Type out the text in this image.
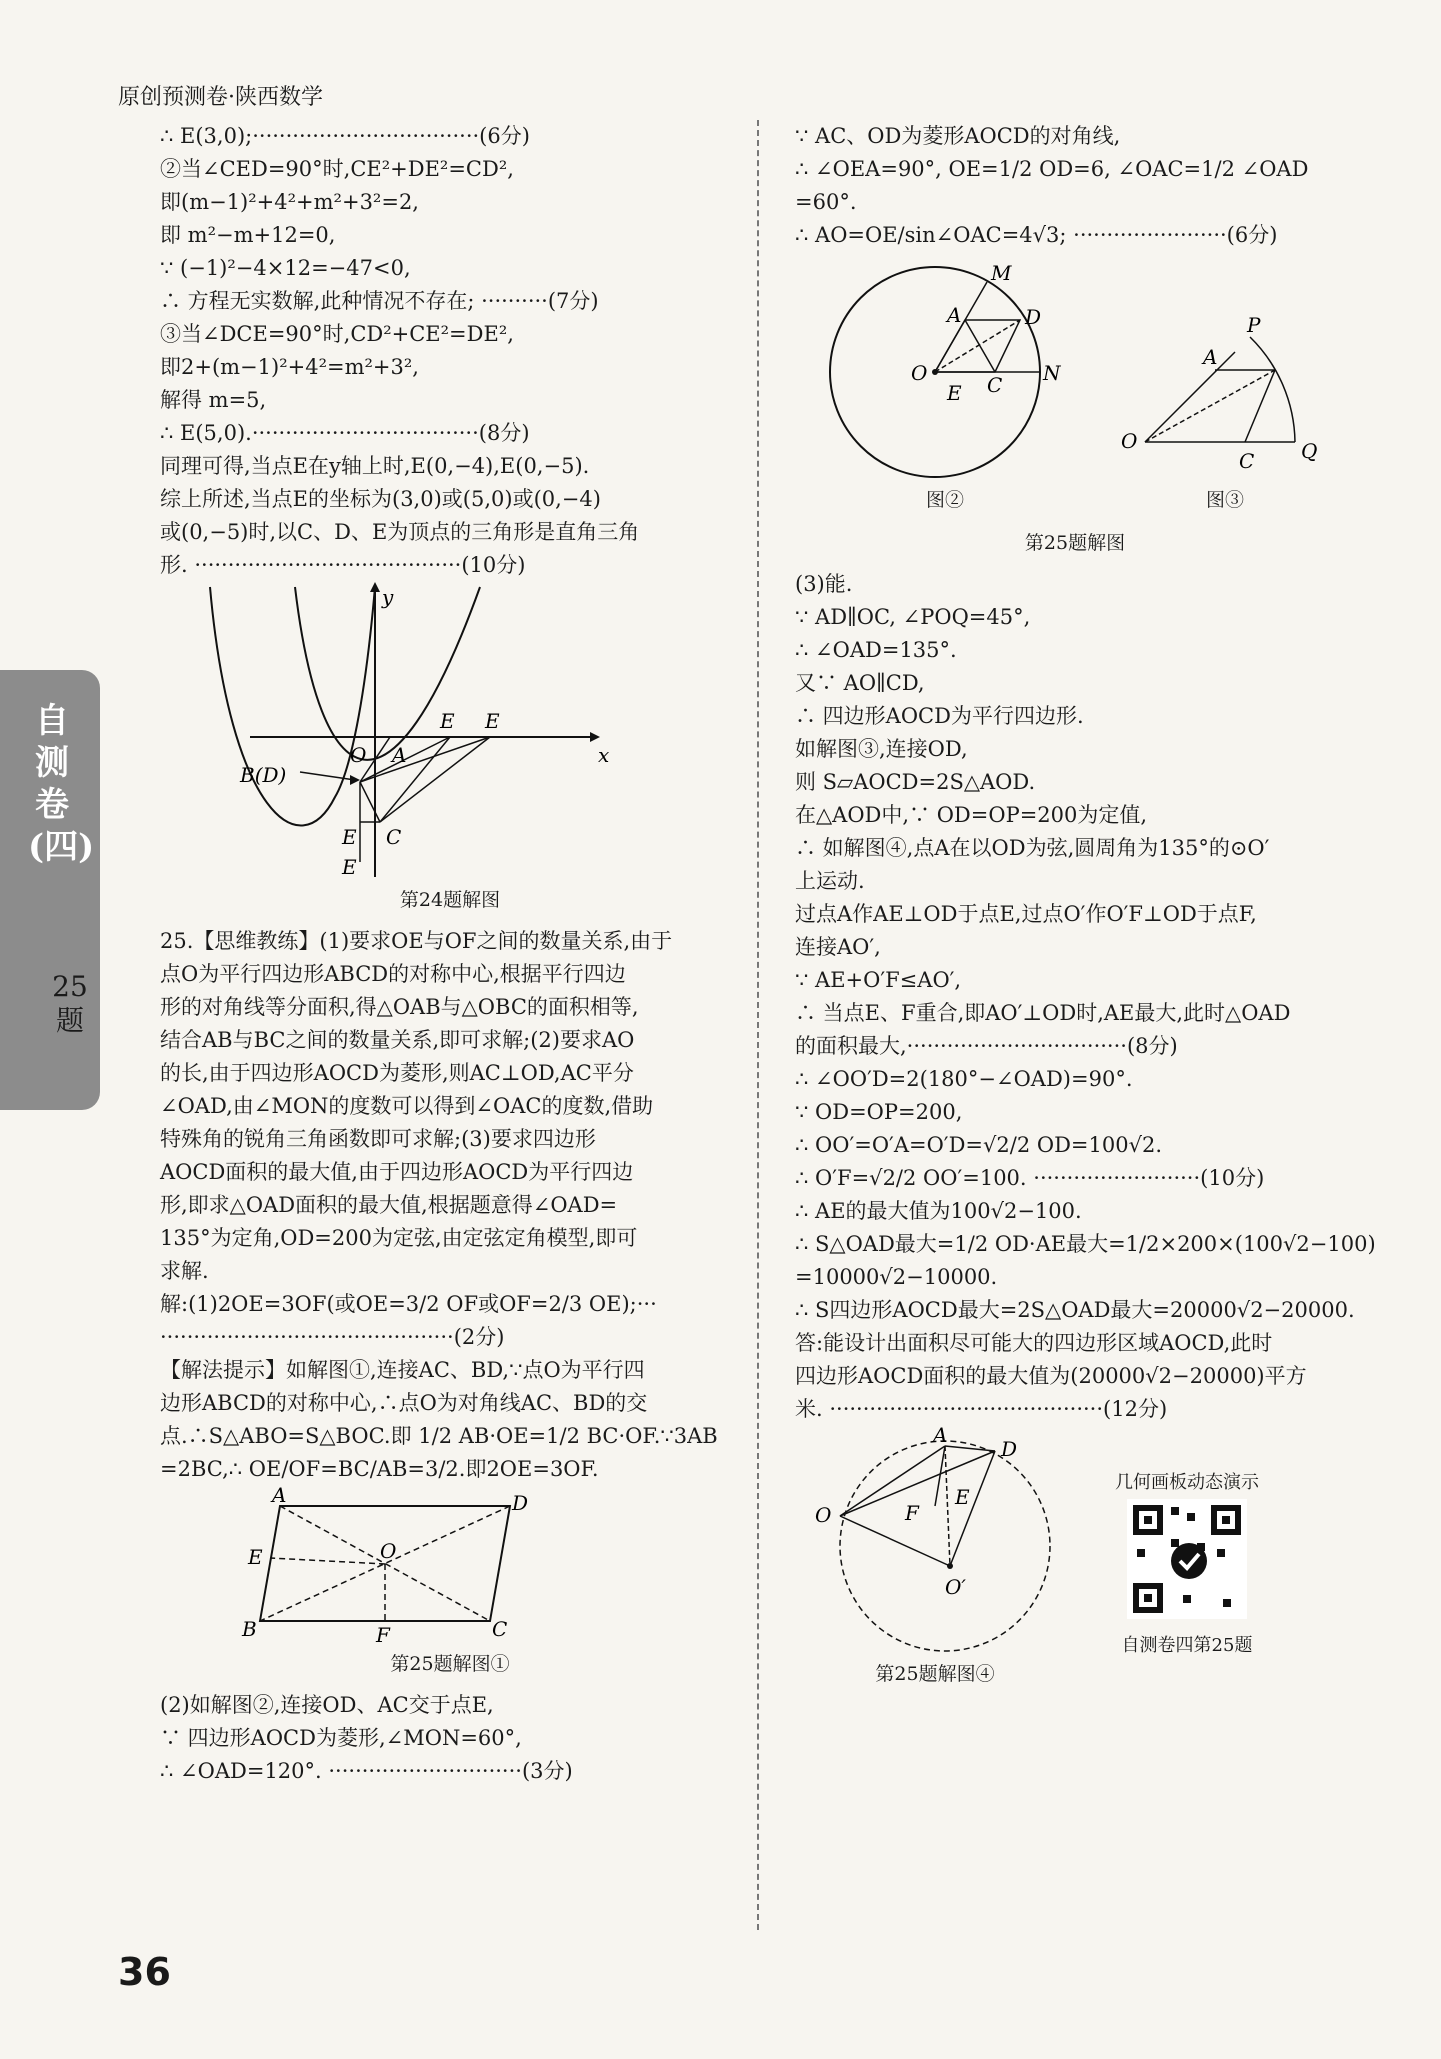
原创预测卷·陕西数学
自测卷(四)
25题

∴ E(3,0);··································(6分)

②当∠CED=90°时,CE²+DE²=CD²,

即(m−1)²+4²+m²+3²=2,

即 m²−m+12=0,

∵ (−1)²−4×12=−47<0,

∴ 方程无实数解,此种情况不存在; ··········(7分)

③当∠DCE=90°时,CD²+CE²=DE²,

即2+(m−1)²+4²=m²+3²,

解得 m=5,

∴ E(5,0).··································(8分)

同理可得,当点E在y轴上时,E(0,−4),E(0,−5).

综上所述,当点E的坐标为(3,0)或(5,0)或(0,−4)

或(0,−5)时,以C、D、E为顶点的三角形是直角三角

形. ········································(10分)

y
x
O A
E E
B(D)
E C
E
第24题解图

25.【思维教练】(1)要求OE与OF之间的数量关系,由于

点O为平行四边形ABCD的对称中心,根据平行四边

形的对角线等分面积,得△OAB与△OBC的面积相等,

结合AB与BC之间的数量关系,即可求解;(2)要求AO

的长,由于四边形AOCD为菱形,则AC⊥OD,AC平分

∠OAD,由∠MON的度数可以得到∠OAC的度数,借助

特殊角的锐角三角函数即可求解;(3)要求四边形

AOCD面积的最大值,由于四边形AOCD为平行四边

形,即求△OAD面积的最大值,根据题意得∠OAD=

135°为定角,OD=200为定弦,由定弦定角模型,即可

求解.

解:(1)2OE=3OF(或OE=3/2 OF或OF=2/3 OE);···

············································(2分)

【解法提示】如解图①,连接AC、BD,∵点O为平行四

边形ABCD的对称中心,∴点O为对角线AC、BD的交

点.∴S△ABO=S△BOC.即 1/2 AB·OE=1/2 BC·OF.∵3AB

=2BC,∴ OE/OF=BC/AB=3/2.即2OE=3OF.

A	D
E	O
B	F	C
第25题解图①

(2)如解图②,连接OD、AC交于点E,

∵ 四边形AOCD为菱形,∠MON=60°,

∴ ∠OAD=120°. ·····························(3分)

∵ AC、OD为菱形AOCD的对角线,

∴ ∠OEA=90°, OE=1/2 OD=6, ∠OAC=1/2 ∠OAD

=60°.

∴ AO=OE/sin∠OAC=4√3; ·······················(6分)

M
A	D
O
E C N
图②
P
A
O
C Q
图③
第25题解图

(3)能.

∵ AD∥OC, ∠POQ=45°,

∴ ∠OAD=135°.

又∵ AO∥CD,

∴ 四边形AOCD为平行四边形.

如解图③,连接OD,

则 S▱AOCD=2S△AOD.

在△AOD中,∵ OD=OP=200为定值,

∴ 如解图④,点A在以OD为弦,圆周角为135°的⊙O′

上运动.

过点A作AE⊥OD于点E,过点O′作O′F⊥OD于点F,

连接AO′,

∵ AE+O′F≤AO′,

∴ 当点E、F重合,即AO′⊥OD时,AE最大,此时△OAD

的面积最大,·································(8分)

∴ ∠OO′D=2(180°−∠OAD)=90°.

∵ OD=OP=200,

∴ OO′=O′A=O′D=√2/2 OD=100√2.

∴ O′F=√2/2 OO′=100. ·························(10分)

∴ AE的最大值为100√2−100.

∴ S△OAD最大=1/2 OD·AE最大=1/2×200×(100√2−100)

=10000√2−10000.

∴ S四边形AOCD最大=2S△OAD最大=20000√2−20000.

答:能设计出面积尽可能大的四边形区域AOCD,此时

四边形AOCD面积的最大值为(20000√2−20000)平方

米. ·········································(12分)

A
D
E
O	F
O′
第25题解图④
几何画板动态演示
自测卷四第25题
36
